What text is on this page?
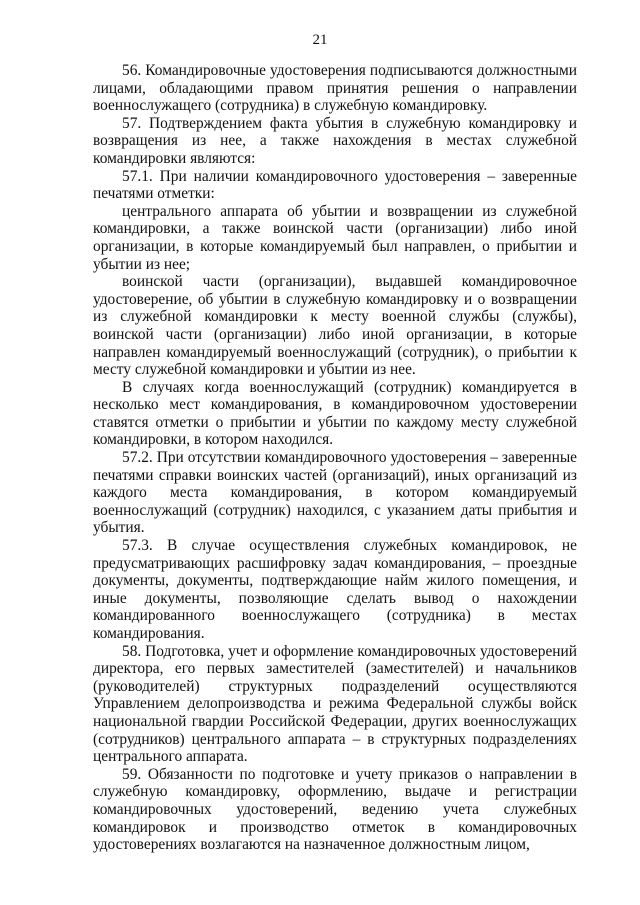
21

56. Командировочные удостоверения подписываются должностными лицами, обладающими правом принятия решения о направлении военнослужащего (сотрудника) в служебную командировку.

57. Подтверждением факта убытия в служебную командировку и возвращения из нее, а также нахождения в местах служебной командировки являются:

57.1. При наличии командировочного удостоверения – заверенные печатями отметки:

центрального аппарата об убытии и возвращении из служебной командировки, а также воинской части (организации) либо иной организации, в которые командируемый был направлен, о прибытии и убытии из нее;

воинской части (организации), выдавшей командировочное удостоверение, об убытии в служебную командировку и о возвращении из служебной командировки к месту военной службы (службы), воинской части (организации) либо иной организации, в которые направлен командируемый военнослужащий (сотрудник), о прибытии к месту служебной командировки и убытии из нее.

В случаях когда военнослужащий (сотрудник) командируется в несколько мест командирования, в командировочном удостоверении ставятся отметки о прибытии и убытии по каждому месту служебной командировки, в котором находился.

57.2. При отсутствии командировочного удостоверения – заверенные печатями справки воинских частей (организаций), иных организаций из каждого места командирования, в котором командируемый военнослужащий (сотрудник) находился, с указанием даты прибытия и убытия.

57.3. В случае осуществления служебных командировок, не предусматривающих расшифровку задач командирования, – проездные документы, документы, подтверждающие найм жилого помещения, и иные документы, позволяющие сделать вывод о нахождении командированного военнослужащего (сотрудника) в местах командирования.

58. Подготовка, учет и оформление командировочных удостоверений директора, его первых заместителей (заместителей) и начальников (руководителей) структурных подразделений осуществляются Управлением делопроизводства и режима Федеральной службы войск национальной гвардии Российской Федерации, других военнослужащих (сотрудников) центрального аппарата – в структурных подразделениях центрального аппарата.

59. Обязанности по подготовке и учету приказов о направлении в служебную командировку, оформлению, выдаче и регистрации командировочных удостоверений, ведению учета служебных командировок и производство отметок в командировочных удостоверениях возлагаются на назначенное должностным лицом,
